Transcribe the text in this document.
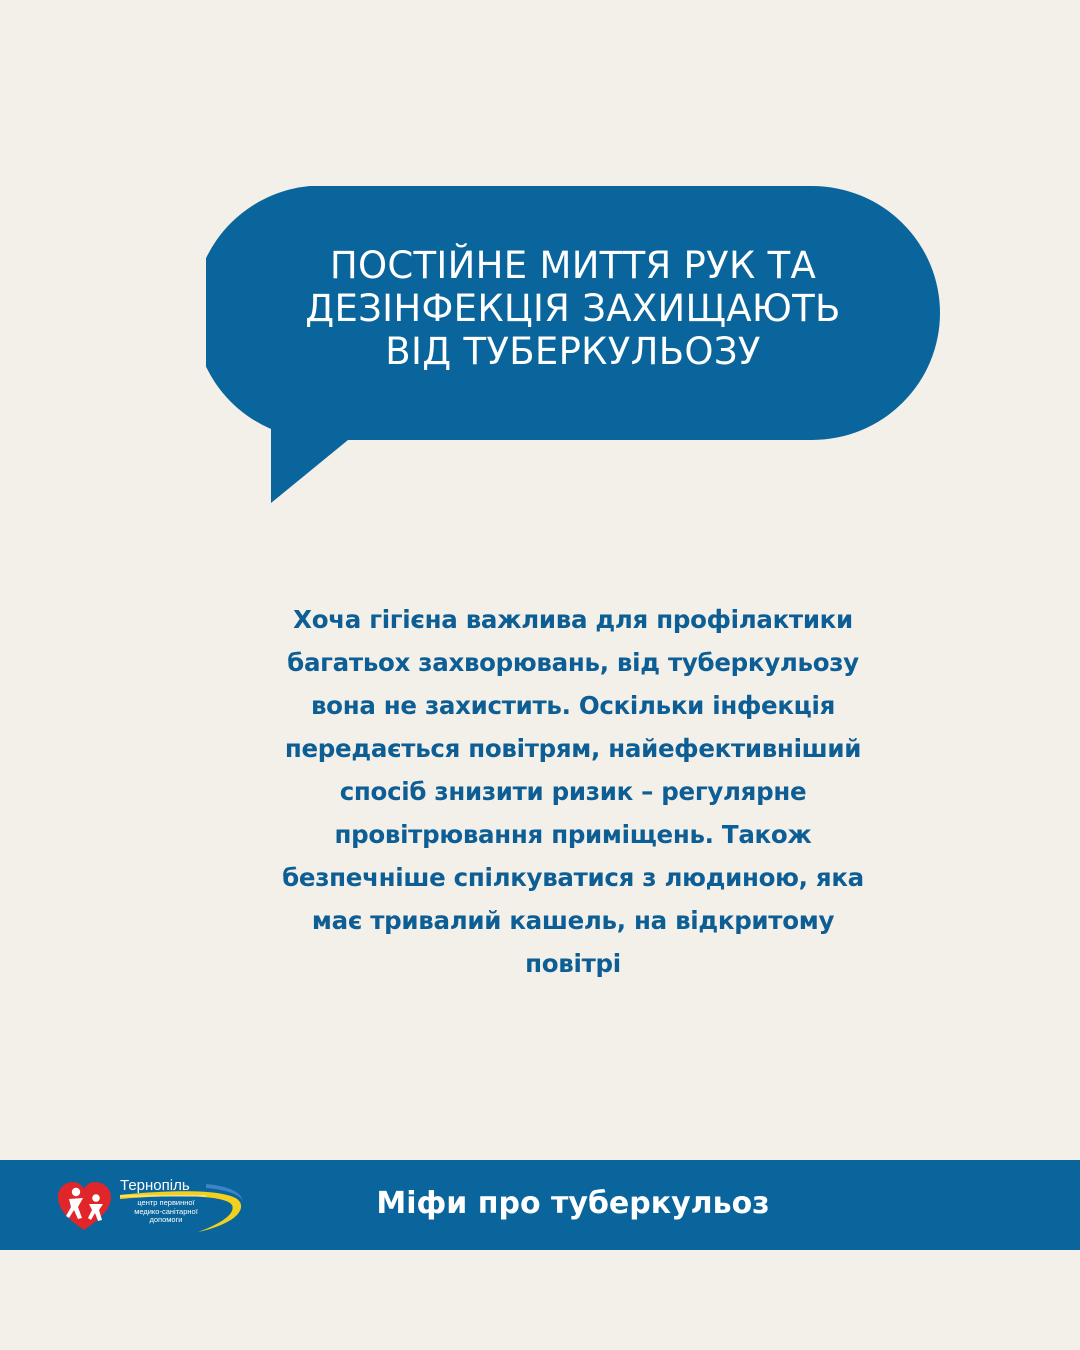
ПОСТІЙНЕ МИТТЯ РУК ТА
ДЕЗІНФЕКЦІЯ ЗАХИЩАЮТЬ
ВІД ТУБЕРКУЛЬОЗУ

Хоча гігієна важлива для профілактики
багатьох захворювань, від туберкульозу
вона не захистить. Оскільки інфекція
передається повітрям, найефективніший
спосіб знизити ризик – регулярне
провітрювання приміщень. Також
безпечніше спілкуватися з людиною, яка
має тривалий кашель, на відкритому
повітрі

Тернопіль
центр первинної
медико-санітарної
допомоги	Міфи про туберкульоз
